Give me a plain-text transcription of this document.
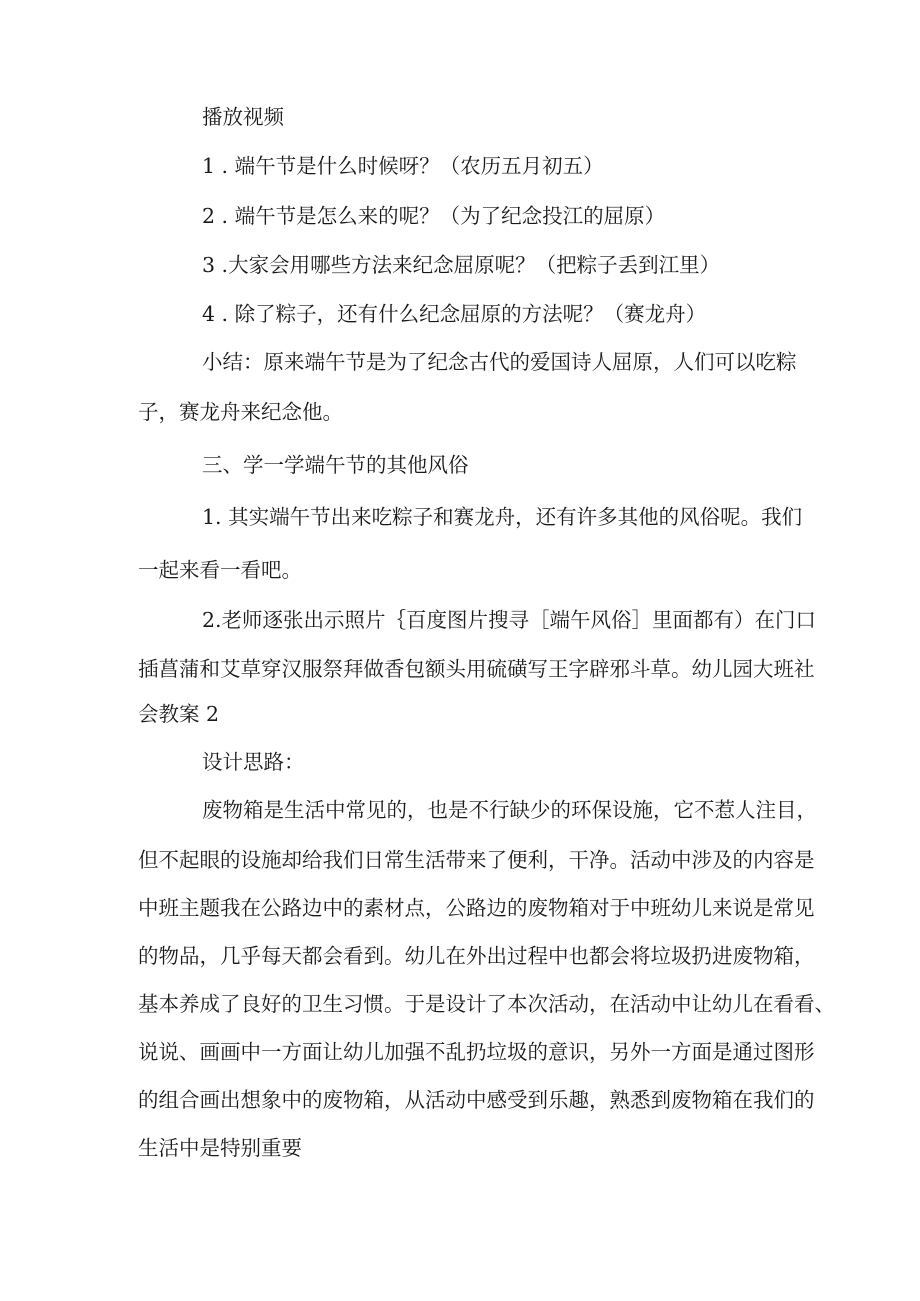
播放视频

1 . 端午节是什么时候呀？（农历五月初五）

2 . 端午节是怎么来的呢？（为了纪念投江的屈原）

3 .大家会用哪些方法来纪念屈原呢？（把粽子丢到江里）

4 . 除了粽子，还有什么纪念屈原的方法呢？（赛龙舟）

小结：原来端午节是为了纪念古代的爱国诗人屈原，人们可以吃粽

子，赛龙舟来纪念他。

三、学一学端午节的其他风俗

1. 其实端午节出来吃粽子和赛龙舟，还有许多其他的风俗呢。我们

一起来看一看吧。

2.老师逐张出示照片｛百度图片搜寻［端午风俗］里面都有）在门口

插菖蒲和艾草穿汉服祭拜做香包额头用硫磺写王字辟邪斗草。幼儿园大班社

会教案 2

设计思路：

废物箱是生活中常见的，也是不行缺少的环保设施，它不惹人注目，

但不起眼的设施却给我们日常生活带来了便利，干净。活动中涉及的内容是

中班主题我在公路边中的素材点，公路边的废物箱对于中班幼儿来说是常见

的物品，几乎每天都会看到。幼儿在外出过程中也都会将垃圾扔进废物箱，

基本养成了良好的卫生习惯。于是设计了本次活动，在活动中让幼儿在看看、

说说、画画中一方面让幼儿加强不乱扔垃圾的意识，另外一方面是通过图形

的组合画出想象中的废物箱，从活动中感受到乐趣，熟悉到废物箱在我们的

生活中是特别重要
